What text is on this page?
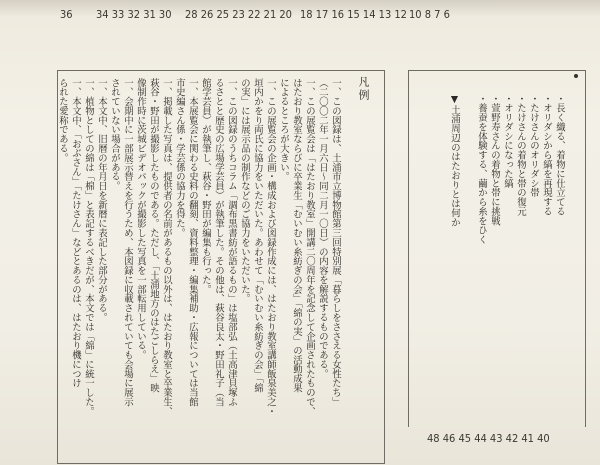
36 34 33 32 31 30 28 26 25 23 22 21 20 18 17 16 15 14 13 12 10 8 7 6
凡例

一、この図録は、土浦市立博物館第三回特別展「暮らしをささえる女性たち」

（二〇〇二年一月六日〜同二月一〇日）の内容を解説するものである。

一、この展覧会は「はたおり教室」開講二〇周年を記念して企画されたもので、

はたおり教室ならびに卒業生「むいむい糸紡ぎの会」「綿の実」の活動成果

によるところが大きい。

一、この展覧会の企画・構成および図録作成には、はたおり教室講師飯泉美之・

垣内かをり両氏に協力をいただいた。あわせて「むいむい糸紡ぎの会」「綿

の実」には展示品の制作などのご協力をいただいた。

一、この図録のうちコラム「調布黒書紡が語るもの」は塩部弘（土高津貝塚ふ

るさとと歴史の広場学芸員）が執筆した。その他は、萩谷良太・野田礼子（当

館学芸員）が執筆し、萩谷・野田が編集も行った。

一、本展覧会に関わる史料の翻刻、資料整理・編集補助・広報については当館

市史編さん係・学芸係の協力を得た。

一、掲載した写真は、提供者の名前があるもの以外は、はたおり教室と卒業生、

萩谷・野田が撮影したものである。ただし、「土浦地方のはたごしらえ」映

像制作時に茨城ビデオパックが撮影した写真を一部転用している。

一、会期中に一部展示替えを行うため、本図録に収載されていても会場に展示

されていない場合がある。

一、本文中、旧暦の年月日を新暦に表記した部分がある。

一、植物としての綿は「棉」と表記するべきだが、本文では「綿」に統一した。

一、本文中、「おぶさん」「たけさん」などとあるのは、はたおり機につけ

られた愛称である。	・長く織る、着物に仕立てる

・オリダシから縞を再現する

・たけさんのオリダシ帯

・たけさんの着物と帯の復元

・オリダシになった縞

・萱野寿さんの着物と帯に挑戦

・養蚕を体験する、繭から糸をひく

▼土浦周辺のはたおりとは何か

48 46 45 44 43 42 41 40
